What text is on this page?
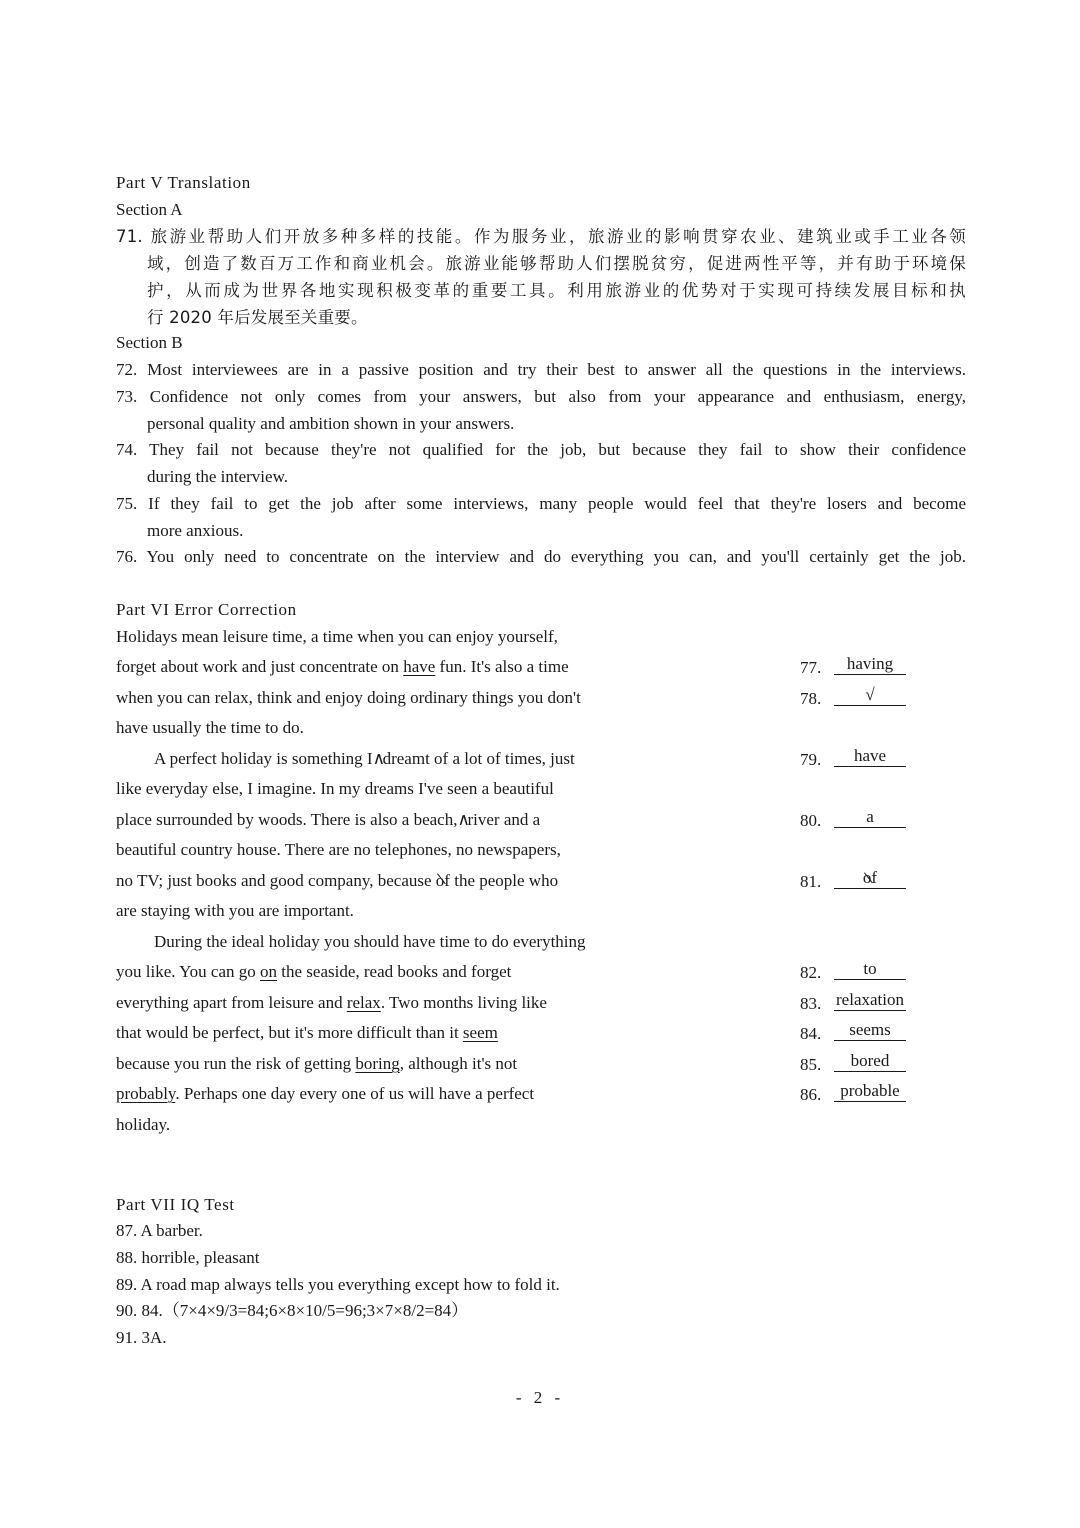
Part V Translation
Section A
71. 旅游业帮助人们开放多种多样的技能。作为服务业，旅游业的影响贯穿农业、建筑业或手工业各领
域，创造了数百万工作和商业机会。旅游业能够帮助人们摆脱贫穷，促进两性平等，并有助于环境保
护，从而成为世界各地实现积极变革的重要工具。利用旅游业的优势对于实现可持续发展目标和执
行 2020 年后发展至关重要。
Section B
72. Most interviewees are in a passive position and try their best to answer all the questions in the interviews.
73. Confidence not only comes from your answers, but also from your appearance and enthusiasm, energy,
personal quality and ambition shown in your answers.
74. They fail not because they're not qualified for the job, but because they fail to show their confidence
during the interview.
75. If they fail to get the job after some interviews, many people would feel that they're losers and become
more anxious.
76. You only need to concentrate on the interview and do everything you can, and you'll certainly get the job.
Part VI Error Correction
Holidays mean leisure time, a time when you can enjoy yourself,
forget about work and just concentrate on have fun. It's also a time
when you can relax, think and enjoy doing ordinary things you don't
have usually the time to do.
A perfect holiday is something I∧dreamt of a lot of times, just
like everyday else, I imagine. In my dreams I've seen a beautiful
place surrounded by woods. There is also a beach,∧river and a
beautiful country house. There are no telephones, no newspapers,
no TV; just books and good company, because of the people who
are staying with you are important.
During the ideal holiday you should have time to do everything
you like. You can go on the seaside, read books and forget
everything apart from leisure and relax. Two months living like
that would be perfect, but it's more difficult than it seem
because you run the risk of getting boring, although it's not
probably. Perhaps one day every one of us will have a perfect
holiday.
77.	having
78.	√
79.	have
80.	a
81.	of
82.	to
83. relaxation
84.	seems
85.	bored
86.	probable
Part VII IQ Test
87. A barber.
88. horrible, pleasant
89. A road map always tells you everything except how to fold it.
90. 84.（7×4×9/3=84;6×8×10/5=96;3×7×8/2=84）
91. 3A.
- 2 -
